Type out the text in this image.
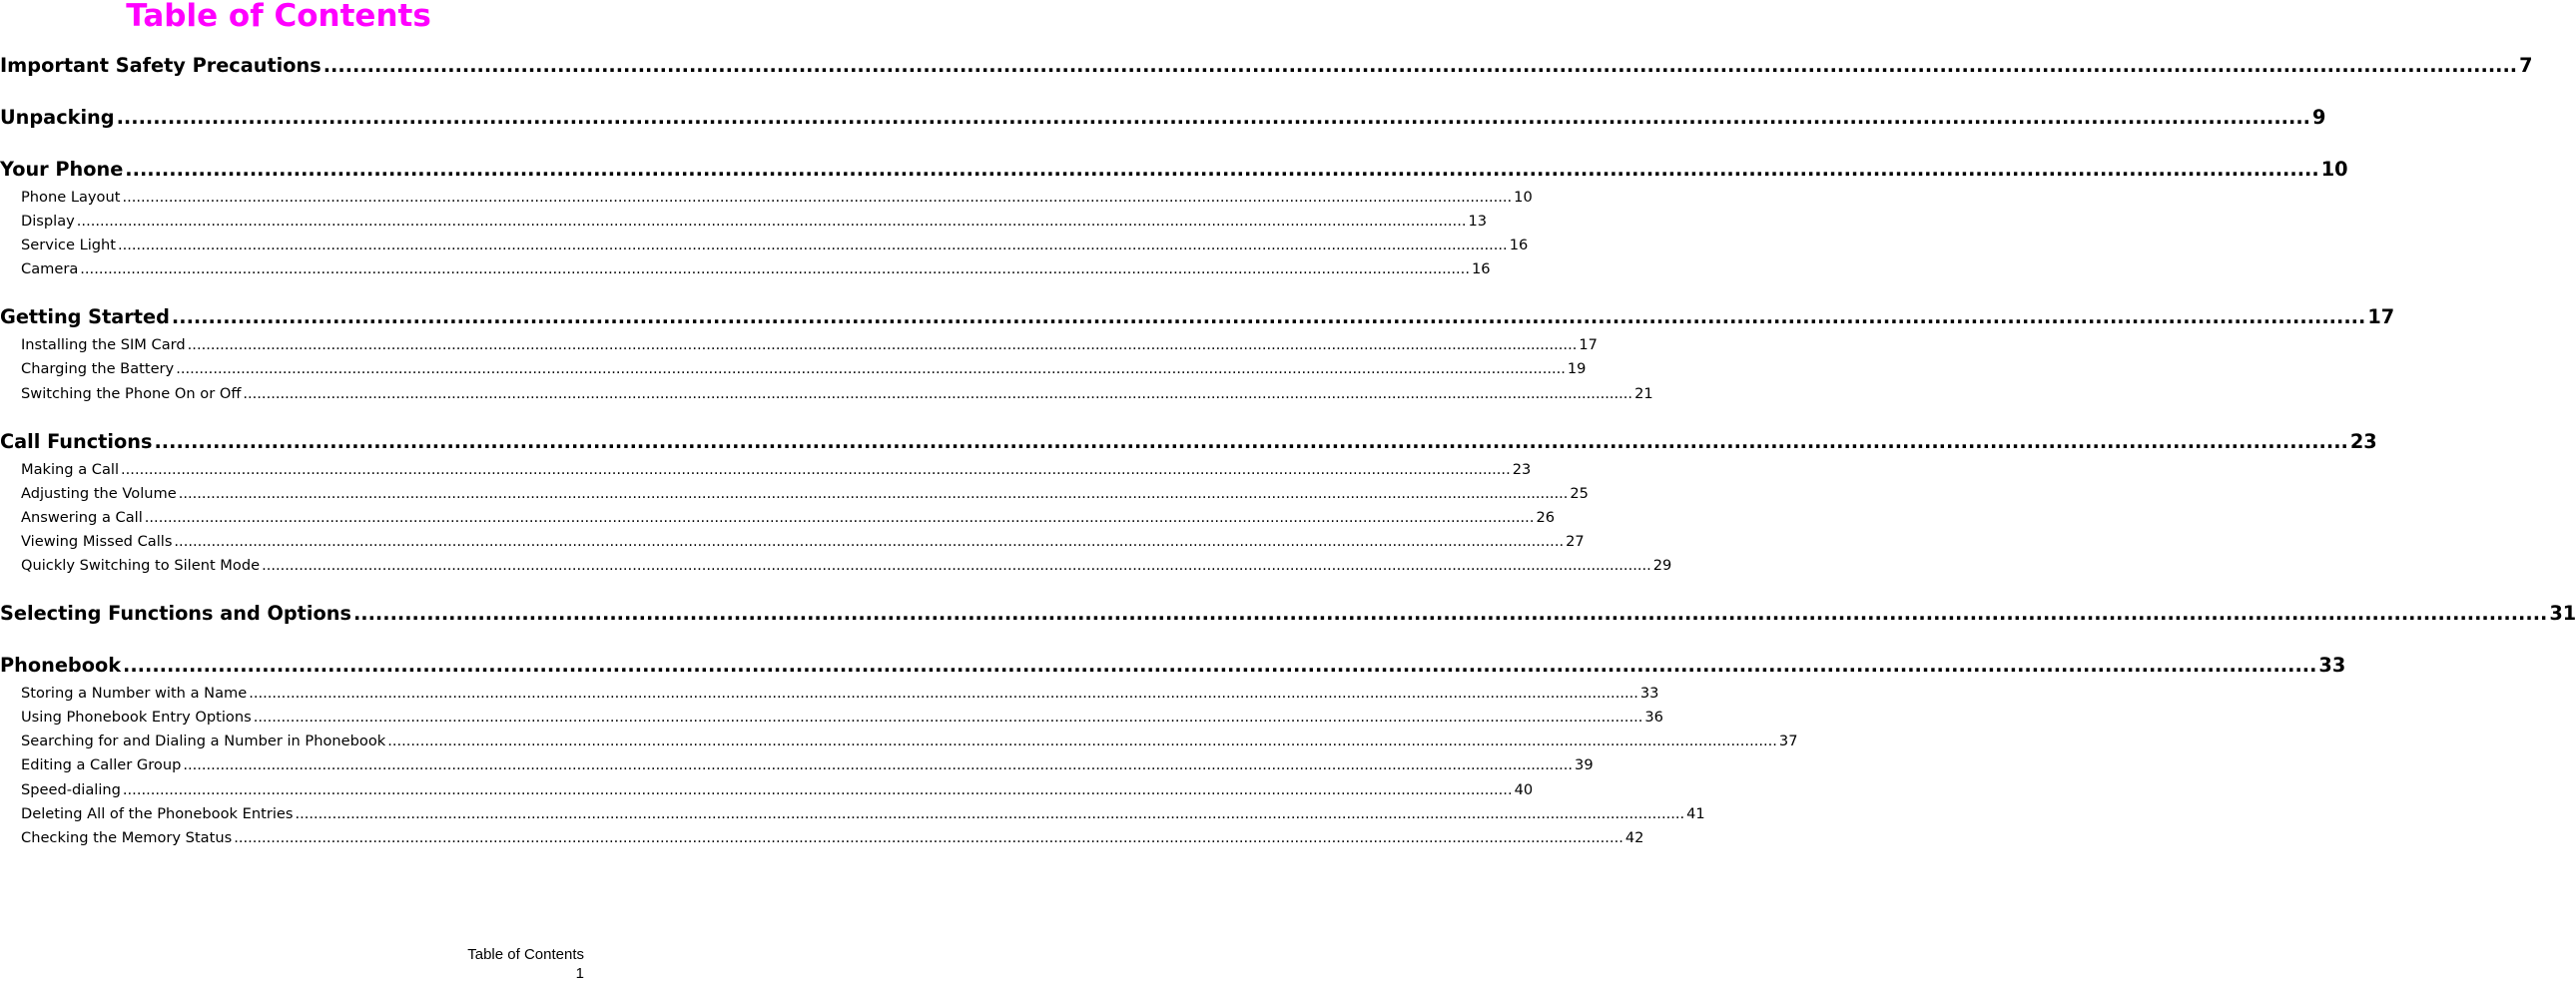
Table of Contents
Important Safety Precautions ............................................................................................................................................................................................................................................................................................................ 7
Unpacking ............................................................................................................................................................................................................................................................................................................ 9
Your Phone ............................................................................................................................................................................................................................................................................................................ 10
Phone Layout ............................................................................................................................................................................................................................................................................................................ 10
Display ............................................................................................................................................................................................................................................................................................................ 13
Service Light ............................................................................................................................................................................................................................................................................................................ 16
Camera ............................................................................................................................................................................................................................................................................................................ 16
Getting Started ............................................................................................................................................................................................................................................................................................................ 17
Installing the SIM Card ............................................................................................................................................................................................................................................................................................................ 17
Charging the Battery ............................................................................................................................................................................................................................................................................................................ 19
Switching the Phone On or Off ............................................................................................................................................................................................................................................................................................................ 21
Call Functions ............................................................................................................................................................................................................................................................................................................ 23
Making a Call ............................................................................................................................................................................................................................................................................................................ 23
Adjusting the Volume ............................................................................................................................................................................................................................................................................................................ 25
Answering a Call ............................................................................................................................................................................................................................................................................................................ 26
Viewing Missed Calls ............................................................................................................................................................................................................................................................................................................ 27
Quickly Switching to Silent Mode ............................................................................................................................................................................................................................................................................................................ 29
Selecting Functions and Options ............................................................................................................................................................................................................................................................................................................ 31
Phonebook ............................................................................................................................................................................................................................................................................................................ 33
Storing a Number with a Name ............................................................................................................................................................................................................................................................................................................ 33
Using Phonebook Entry Options ............................................................................................................................................................................................................................................................................................................ 36
Searching for and Dialing a Number in Phonebook ............................................................................................................................................................................................................................................................................................................ 37
Editing a Caller Group ............................................................................................................................................................................................................................................................................................................ 39
Speed-dialing ............................................................................................................................................................................................................................................................................................................ 40
Deleting All of the Phonebook Entries ............................................................................................................................................................................................................................................................................................................ 41
Checking the Memory Status ............................................................................................................................................................................................................................................................................................................ 42
Table of Contents
1
